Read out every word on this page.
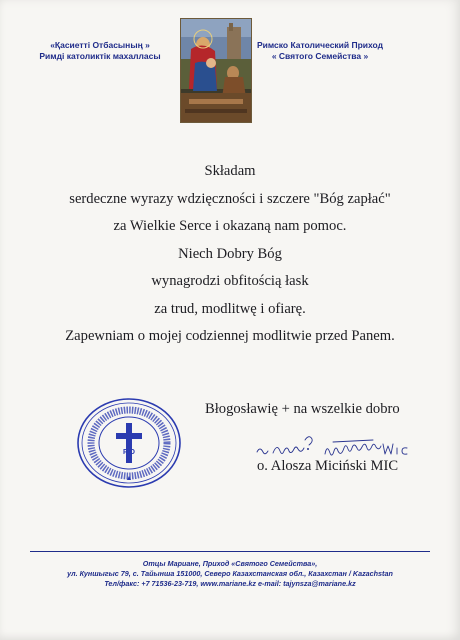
«Қасиетті Отбасының »
Римді католиктік махалласы
Римско Католический Приход
« Святого Семейства »
Składam
serdeczne wyrazy wdzięczności i szczere "Bóg zapłać"
za Wielkie Serce i okazaną nam pomoc.
Niech Dobry Bóg
wynagrodzi obfitością łask
za trud, modlitwę i ofiarę.
Zapewniam o mojej codziennej modlitwie przed Panem.
P O
Błogosławię + na wszelkie dobro
o. Alosza Miciński MIC
Отцы Мариане, Приход «Святого Семейства»,
ул. Куншыгыс 79, с. Тайынша 151000, Северо Казахстанская обл., Казахстан / Kazachstan
Тел/факс: +7 71536-23-719, www.mariane.kz e-mail: tajynsza@mariane.kz
